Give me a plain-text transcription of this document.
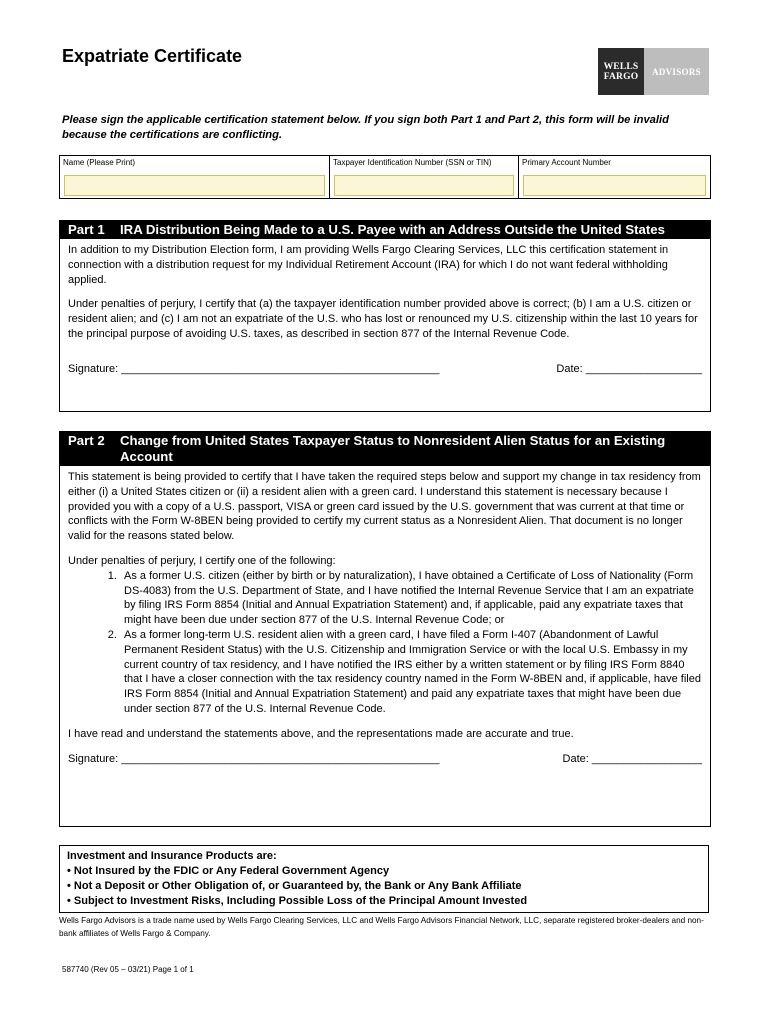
Expatriate Certificate
WELLS
FARGO	ADVISORS
Please sign the applicable certification statement below. If you sign both Part 1 and Part 2, this form will be invalid because the certifications are conflicting.
Name (Please Print)	Taxpayer Identification Number (SSN or TIN)	Primary Account Number
Part 1	IRA Distribution Being Made to a U.S. Payee with an Address Outside the United States

In addition to my Distribution Election form, I am providing Wells Fargo Clearing Services, LLC this certification statement in connection with a distribution request for my Individual Retirement Account (IRA) for which I do not want federal withholding applied.

Under penalties of perjury, I certify that (a) the taxpayer identification number provided above is correct; (b) I am a U.S. citizen or resident alien; and (c) I am not an expatriate of the U.S. who has lost or renounced my U.S. citizenship within the last 10 years for the principal purpose of avoiding U.S. taxes, as described in section 877 of the Internal Revenue Code.

Signature: ____________________________________________________	Date: ___________________
Part 2	Change from United States Taxpayer Status to Nonresident Alien Status for an Existing Account

This statement is being provided to certify that I have taken the required steps below and support my change in tax residency from either (i) a United States citizen or (ii) a resident alien with a green card. I understand this statement is necessary because I provided you with a copy of a U.S. passport, VISA or green card issued by the U.S. government that was current at that time or conflicts with the Form W-8BEN being provided to certify my current status as a Nonresident Alien. That document is no longer valid for the reasons stated below.

Under penalties of perjury, I certify one of the following:
1. As a former U.S. citizen (either by birth or by naturalization), I have obtained a Certificate of Loss of Nationality (Form DS-4083) from the U.S. Department of State, and I have notified the Internal Revenue Service that I am an expatriate by filing IRS Form 8854 (Initial and Annual Expatriation Statement) and, if applicable, paid any expatriate taxes that might have been due under section 877 of the U.S. Internal Revenue Code; or
2. As a former long-term U.S. resident alien with a green card, I have filed a Form I-407 (Abandonment of Lawful Permanent Resident Status) with the U.S. Citizenship and Immigration Service or with the local U.S. Embassy in my current country of tax residency, and I have notified the IRS either by a written statement or by filing IRS Form 8840 that I have a closer connection with the tax residency country named in the Form W-8BEN and, if applicable, have filed IRS Form 8854 (Initial and Annual Expatriation Statement) and paid any expatriate taxes that might have been due under section 877 of the U.S. Internal Revenue Code.

I have read and understand the statements above, and the representations made are accurate and true.

Signature: ____________________________________________________	Date: __________________
Investment and Insurance Products are:
• Not Insured by the FDIC or Any Federal Government Agency
• Not a Deposit or Other Obligation of, or Guaranteed by, the Bank or Any Bank Affiliate
• Subject to Investment Risks, Including Possible Loss of the Principal Amount Invested
Wells Fargo Advisors is a trade name used by Wells Fargo Clearing Services, LLC and Wells Fargo Advisors Financial Network, LLC, separate registered broker-dealers and non-bank affiliates of Wells Fargo & Company.
587740 (Rev 05 – 03/21) Page 1 of 1
